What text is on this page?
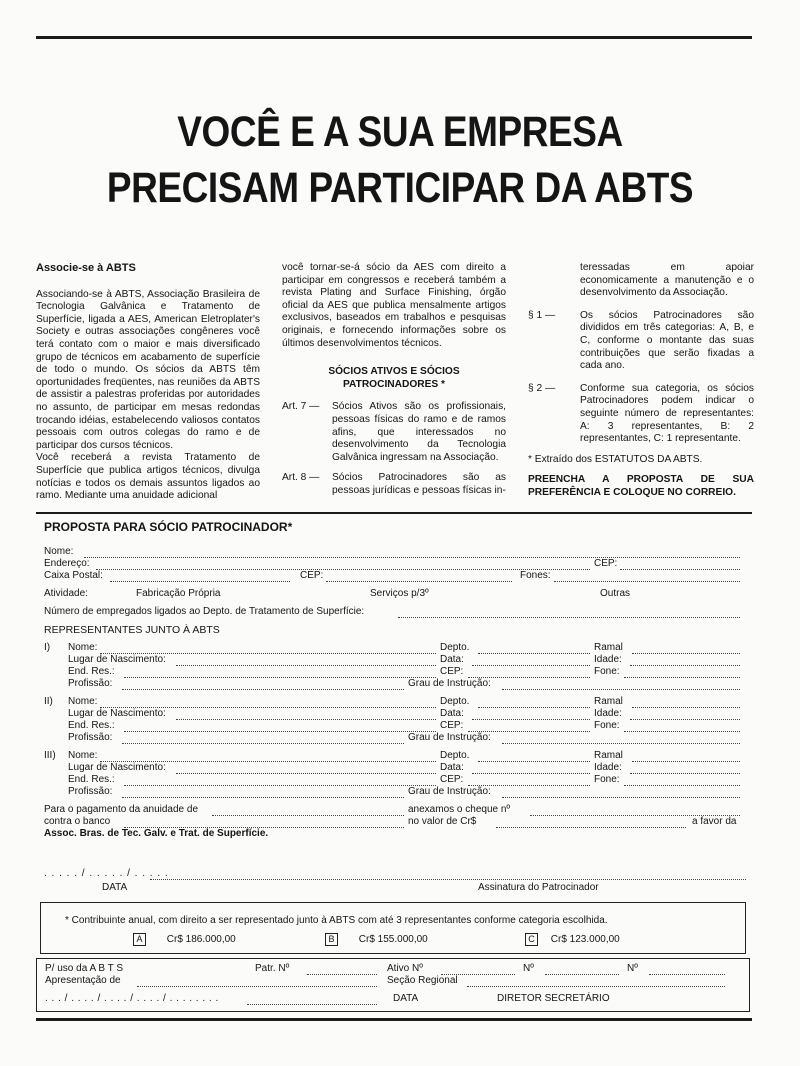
VOCÊ E A SUA EMPRESA
PRECISAM PARTICIPAR DA ABTS

Associe-se à ABTS

Associando-se à ABTS, Associação Brasileira de Tecnologia Galvânica e Tratamento de Superfície, ligada a AES, American Eletroplater's Society e outras associações congêneres você terá contato com o maior e mais diversificado grupo de técnicos em acabamento de superfície de todo o mundo. Os sócios da ABTS têm oportunidades freqüentes, nas reuniões da ABTS de assistir a palestras proferidas por autoridades no assunto, de participar em mesas redondas trocando idéias, estabelecendo valiosos contatos pessoais com outros colegas do ramo e de participar dos cursos técnicos.

Você receberá a revista Tratamento de Superfície que publica artigos técnicos, divulga notícias e todos os demais assuntos ligados ao ramo. Mediante uma anuidade adicional

você tornar-se-á sócio da AES com direito a participar em congressos e receberá também a revista Plating and Surface Finishing, órgão oficial da AES que publica mensalmente artigos exclusivos, baseados em trabalhos e pesquisas originais, e fornecendo informações sobre os últimos desenvolvimentos técnicos.

SÓCIOS ATIVOS E SÓCIOS PATROCINADORES *

Art. 7 —	Sócios Ativos são os profissionais, pessoas físicas do ramo e de ramos afins, que interessados no desenvolvimento da Tecnologia Galvânica ingressam na Associação.
Art. 8 —	Sócios Patrocinadores são as pessoas jurídicas e pessoas físicas in-

teressadas em apoiar economicamente a manutenção e o desenvolvimento da Associação.

§ 1 —	Os sócios Patrocinadores são divididos em três categorias: A, B, e C, conforme o montante das suas contribuições que serão fixadas a cada ano.
§ 2 —	Conforme sua categoria, os sócios Patrocinadores podem indicar o seguinte número de representantes: A: 3 representantes, B: 2 representantes, C: 1 representante.

* Extraído dos ESTATUTOS DA ABTS.

PREENCHA A PROPOSTA DE SUA PREFERÊNCIA E COLOQUE NO CORREIO.

PROPOSTA PARA SÓCIO PATROCINADOR*
Nome:
Endereço:	CEP:
Caixa Postal:	CEP:	Fones:
Atividade:	Fabricação Própria	Serviços p/3º	Outras
Número de empregados ligados ao Depto. de Tratamento de Superfície:
REPRESENTANTES JUNTO À ABTS
I) Nome:	Depto.	Ramal
Lugar de Nascimento:	Data:	Idade:
End. Res.:	CEP:	Fone:
Profissão:	Grau de Instrução:
II) Nome:	Depto.	Ramal
Lugar de Nascimento:	Data:	Idade:
End. Res.:	CEP:	Fone:
Profissão:	Grau de Instrução:
III) Nome:	Depto.	Ramal
Lugar de Nascimento:	Data:	Idade:
End. Res.:	CEP:	Fone:
Profissão:	Grau de Instrução:
Para o pagamento da anuidade de	anexamos o cheque nº
contra o banco	no valor de Cr$	a favor da
Assoc. Bras. de Tec. Galv. e Trat. de Superfície.
. . . . . / . . . . . / . . . . .
DATA	Assinatura do Patrocinador
* Contribuinte anual, com direito a ser representado junto à ABTS com até 3 representantes conforme categoria escolhida.
A Cr$ 186.000,00	B Cr$ 155.000,00	C Cr$ 123.000,00
P/ uso da A B T S	Patr. Nº	Ativo Nº	Nº	Nº
Apresentação de	Seção Regional
. . . / . . . . / . . . . / . . . . / . . . . . . . .	DATA	DIRETOR SECRETÁRIO
